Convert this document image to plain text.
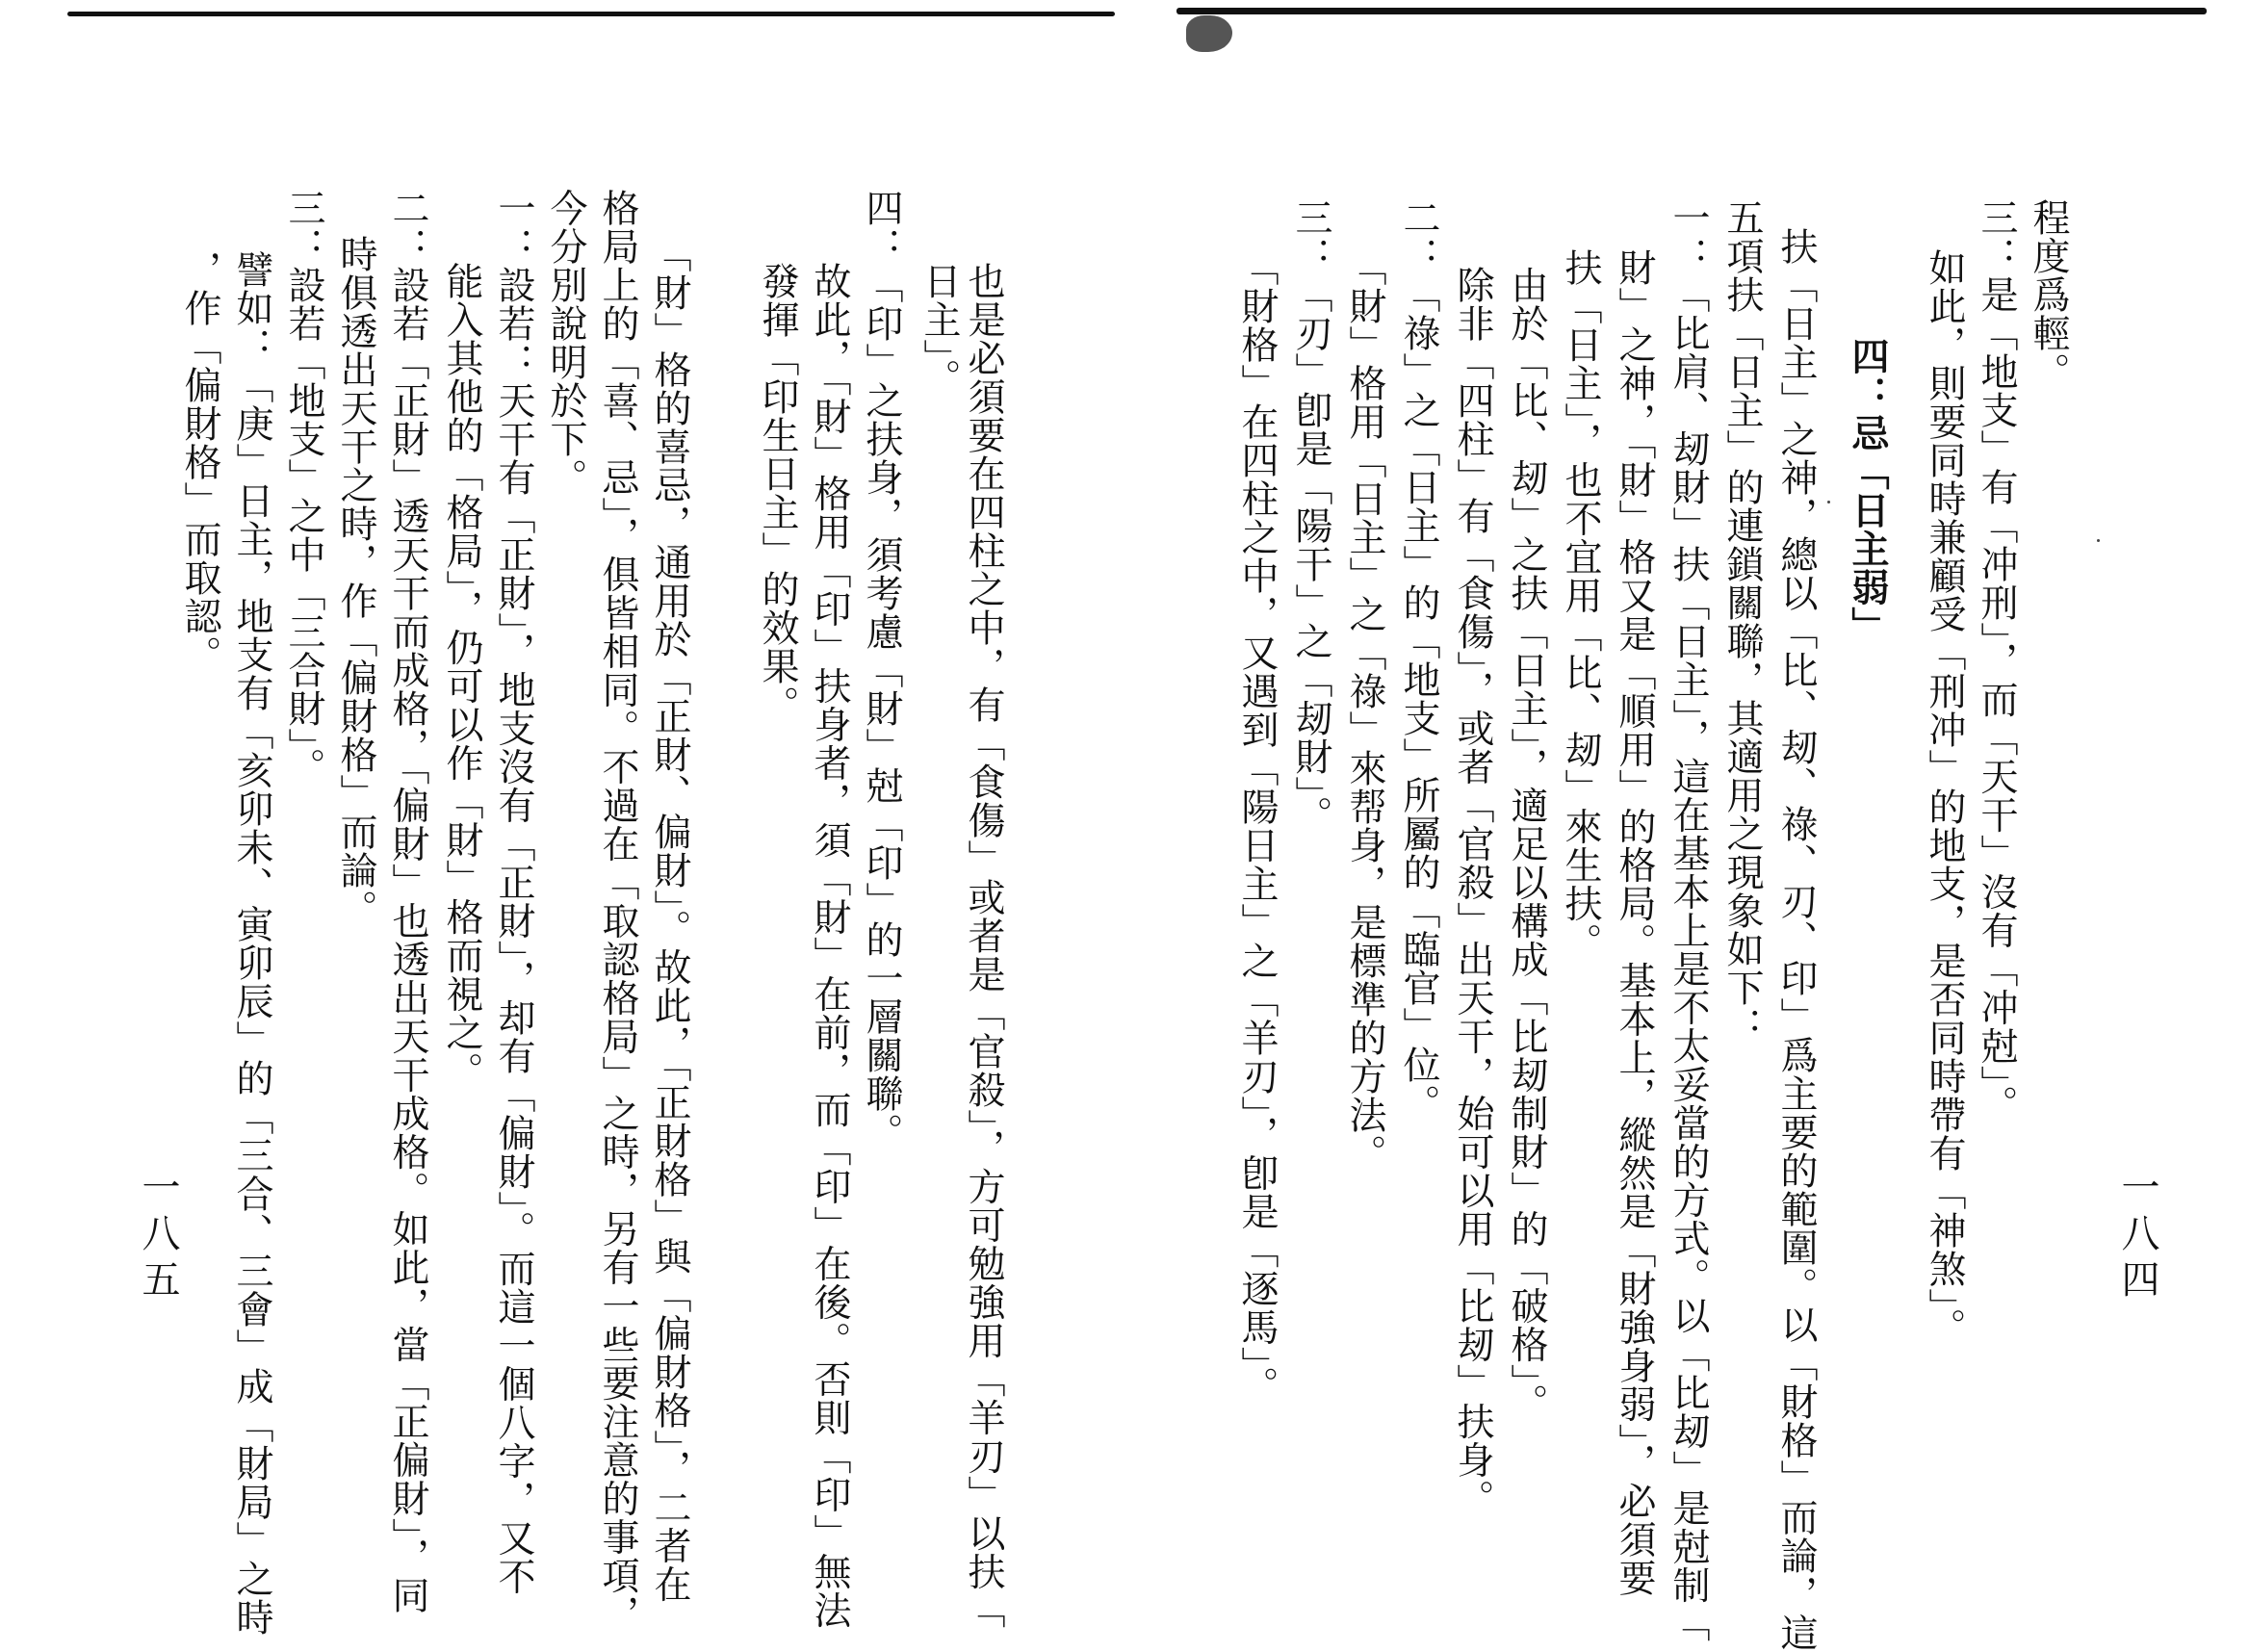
也是必須要在四柱之中，有「食傷」或者是「官殺」，方可勉強用「羊刃」以扶「
日主」。
四：「印」之扶身，須考慮「財」尅「印」的一層關聯。
故此，「財」格用「印」扶身者，須「財」在前，而「印」在後。否則「印」無法
發揮「印生日主」的效果。
「財」格的喜忌，通用於「正財、偏財」。故此，「正財格」與「偏財格」，二者在
格局上的「喜、忌」，俱皆相同。不過在「取認格局」之時，另有一些要注意的事項，
今分別說明於下。
一：設若：天干有「正財」，地支沒有「正財」，却有「偏財」。而這一個八字，又不
能入其他的「格局」，仍可以作「財」格而視之。
二：設若「正財」透天干而成格，「偏財」也透出天干成格。如此，當「正偏財」，同
時俱透出天干之時，作「偏財格」而論。
三：設若「地支」之中「三合財」。
譬如：「庚」日主，地支有「亥卯未、寅卯辰」的「三合、三會」成「財局」之時
，作「偏財格」而取認。
一八五
程度爲輕。
三：是「地支」有「冲刑」，而「天干」沒有「冲尅」。
如此，則要同時兼顧受「刑冲」的地支，是否同時帶有「神煞」。
四：忌「日主弱」
扶「日主」之神，總以「比、刼、祿、刃、印」爲主要的範圍。以「財格」而論，這
五項扶「日主」的連鎖關聯，其適用之現象如下：
一：「比肩、刼財」扶「日主」，這在基本上是不太妥當的方式。以「比刼」是尅制「
財」之神，「財」格又是「順用」的格局。基本上，縱然是「財強身弱」，必須要
扶「日主」，也不宜用「比、刼」來生扶。
由於「比、刼」之扶「日主」，適足以構成「比刼制財」的「破格」。
除非「四柱」有「食傷」，或者「官殺」出天干，始可以用「比刼」扶身。
二：「祿」之「日主」的「地支」所屬的「臨官」位。
「財」格用「日主」之「祿」來帮身，是標準的方法。
三：「刃」卽是「陽干」之「刼財」。
「財格」在四柱之中，又遇到「陽日主」之「羊刃」，卽是「逐馬」。	一八四
